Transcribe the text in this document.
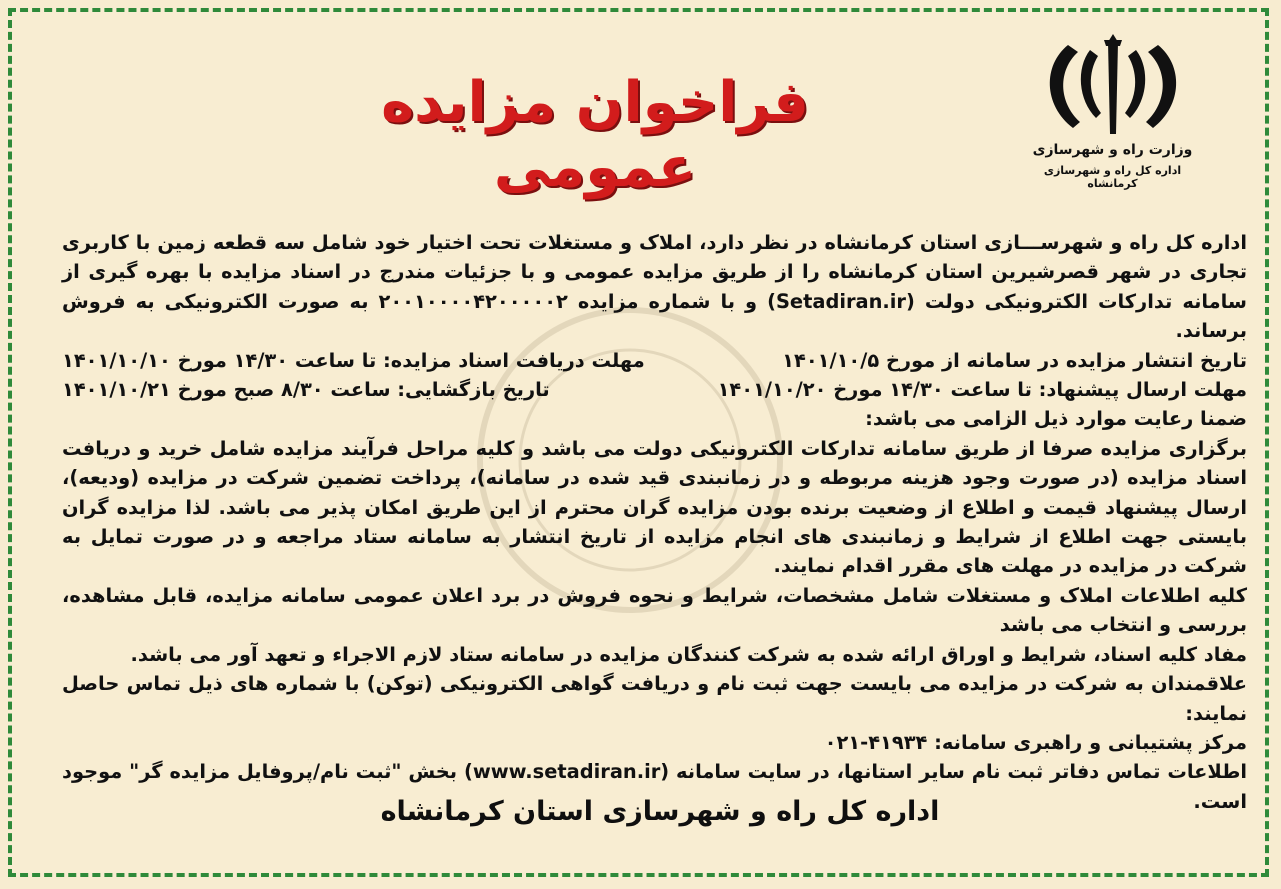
وزارت راه و شهرسازی
اداره کل راه و شهرسازی کرمانشاه
فراخوان مزایده عمومی

اداره کل راه و شهرســـازی استان کرمانشاه در نظر دارد، املاک و مستغلات تحت اختیار خود شامل سه قطعه زمین با کاربری تجاری در شهر قصرشیرین استان کرمانشاه را از طریق مزایده عمومی و با جزئیات مندرج در اسناد مزایده با بهره گیری از سامانه تدارکات الکترونیکی دولت (Setadiran.ir) و با شماره مزایده ۲۰۰۱۰۰۰۰۴۲۰۰۰۰۰۲ به صورت الکترونیکی به فروش برساند.

تاریخ انتشار مزایده در سامانه از مورخ ۱۴۰۱/۱۰/۵
مهلت دریافت اسناد مزایده: تا ساعت ۱۴/۳۰ مورخ ۱۴۰۱/۱۰/۱۰
مهلت ارسال پیشنهاد: تا ساعت ۱۴/۳۰ مورخ ۱۴۰۱/۱۰/۲۰
تاریخ بازگشایی: ساعت ۸/۳۰ صبح مورخ ۱۴۰۱/۱۰/۲۱

ضمنا رعایت موارد ذیل الزامی می باشد:

برگزاری مزایده صرفا از طریق سامانه تدارکات الکترونیکی دولت می باشد و کلیه مراحل فرآیند مزایده شامل خرید و دریافت اسناد مزایده (در صورت وجود هزینه مربوطه و در زمانبندی قید شده در سامانه)، پرداخت تضمین شرکت در مزایده (ودیعه)، ارسال پیشنهاد قیمت و اطلاع از وضعیت برنده بودن مزایده گران محترم از این طریق امکان پذیر می باشد. لذا مزایده گران بایستی جهت اطلاع از شرایط و زمانبندی های انجام مزایده از تاریخ انتشار به سامانه ستاد مراجعه و در صورت تمایل به شرکت در مزایده در مهلت های مقرر اقدام نمایند.

کلیه اطلاعات املاک و مستغلات شامل مشخصات، شرایط و نحوه فروش در برد اعلان عمومی سامانه مزایده، قابل مشاهده، بررسی و انتخاب می باشد

مفاد کلیه اسناد، شرایط و اوراق ارائه شده به شرکت کنندگان مزایده در سامانه ستاد لازم الاجراء و تعهد آور می باشد.

علاقمندان به شرکت در مزایده می بایست جهت ثبت نام و دریافت گواهی الکترونیکی (توکن) با شماره های ذیل تماس حاصل نمایند:

مرکز پشتیبانی و راهبری سامانه: ۴۱۹۳۴-۰۲۱

اطلاعات تماس دفاتر ثبت نام سایر استانها، در سایت سامانه (www.setadiran.ir) بخش "ثبت نام/پروفایل مزایده گر" موجود است.

اداره کل راه و شهرسازی استان کرمانشاه
